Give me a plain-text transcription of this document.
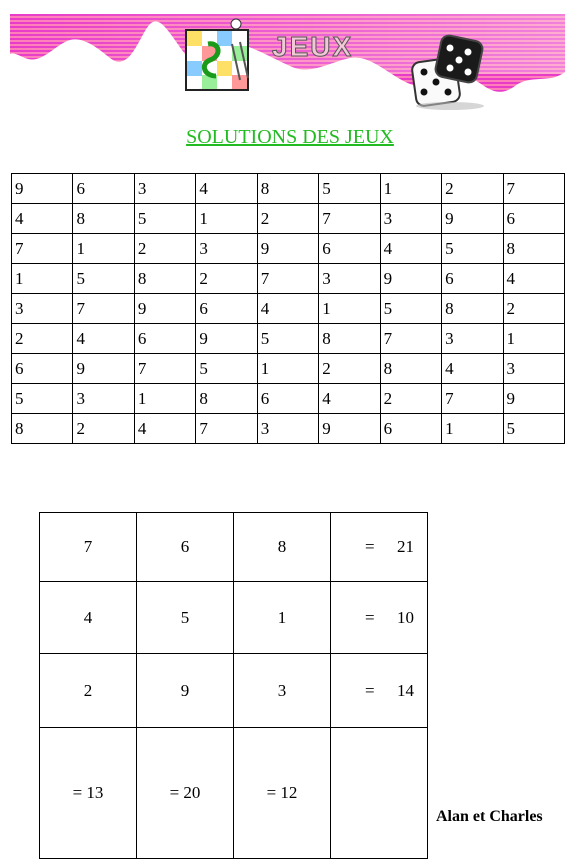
JEUX
SOLUTIONS DES JEUX
9	6	3	4	8	5	1	2	7
4	8	5	1	2	7	3	9	6
7	1	2	3	9	6	4	5	8
1	5	8	2	7	3	9	6	4
3	7	9	6	4	1	5	8	2
2	4	6	9	5	8	7	3	1
6	9	7	5	1	2	8	4	3
5	3	1	8	6	4	2	7	9
8	2	4	7	3	9	6	1	5
7	6	8	= 21
4	5	1	= 10
2	9	3	= 14
= 13	= 20	= 12	
Alan et Charles
